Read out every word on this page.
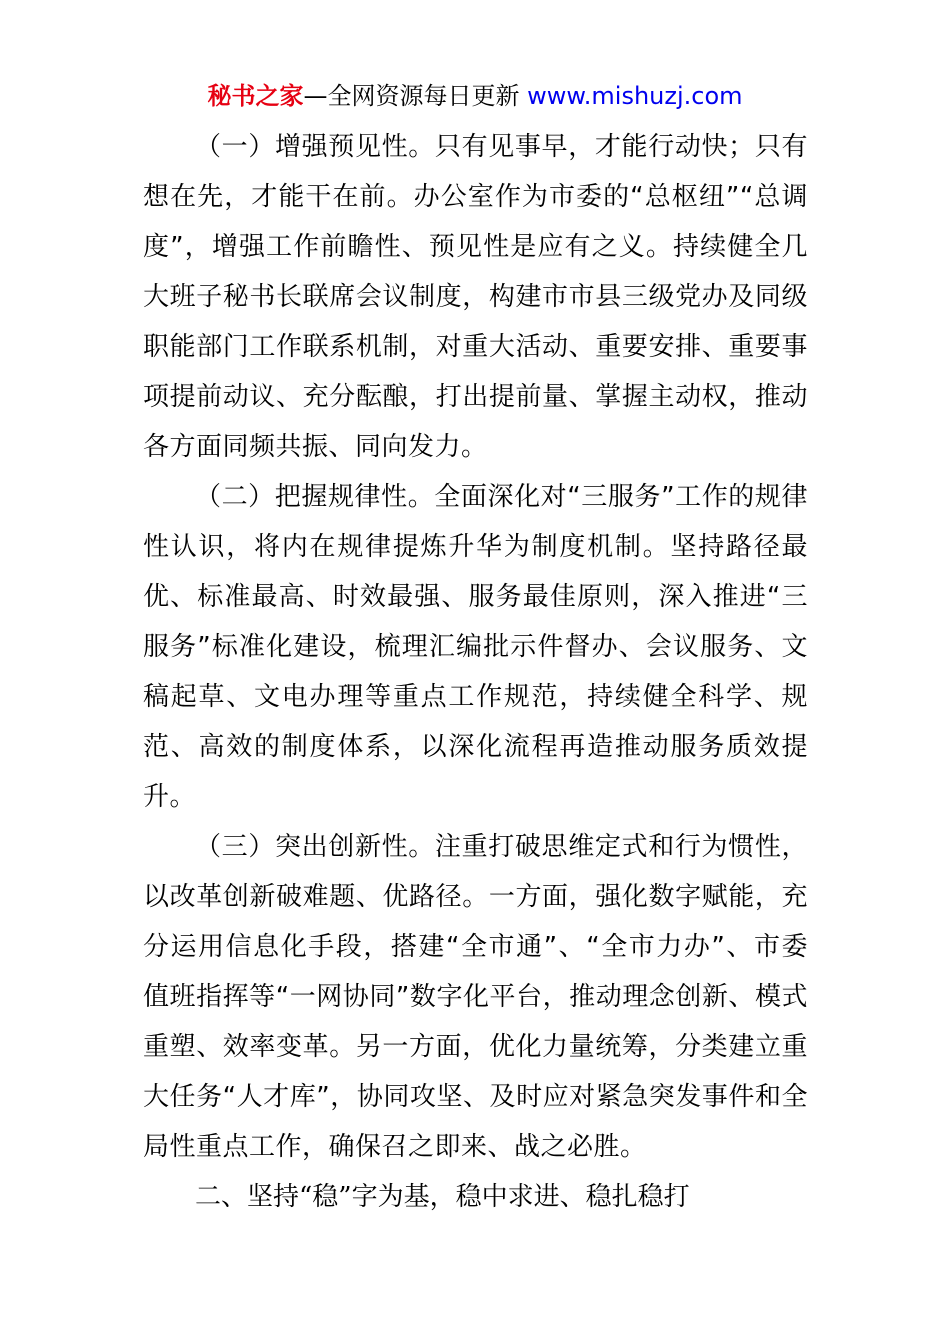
秘书之家—全网资源每日更新 www.mishuzj.com

（一）增强预见性。只有见事早，才能行动快；只有想在先，才能干在前。办公室作为市委的“总枢纽”“总调度”，增强工作前瞻性、预见性是应有之义。持续健全几大班子秘书长联席会议制度，构建市市县三级党办及同级职能部门工作联系机制，对重大活动、重要安排、重要事项提前动议、充分酝酿，打出提前量、掌握主动权，推动各方面同频共振、同向发力。

（二）把握规律性。全面深化对“三服务”工作的规律性认识，将内在规律提炼升华为制度机制。坚持路径最优、标准最高、时效最强、服务最佳原则，深入推进“三服务”标准化建设，梳理汇编批示件督办、会议服务、文稿起草、文电办理等重点工作规范，持续健全科学、规范、高效的制度体系，以深化流程再造推动服务质效提升。

（三）突出创新性。注重打破思维定式和行为惯性，以改革创新破难题、优路径。一方面，强化数字赋能，充分运用信息化手段，搭建“全市通”、“全市力办”、市委值班指挥等“一网协同”数字化平台，推动理念创新、模式重塑、效率变革。另一方面，优化力量统筹，分类建立重大任务“人才库”，协同攻坚、及时应对紧急突发事件和全局性重点工作，确保召之即来、战之必胜。

二、坚持“稳”字为基，稳中求进、稳扎稳打
